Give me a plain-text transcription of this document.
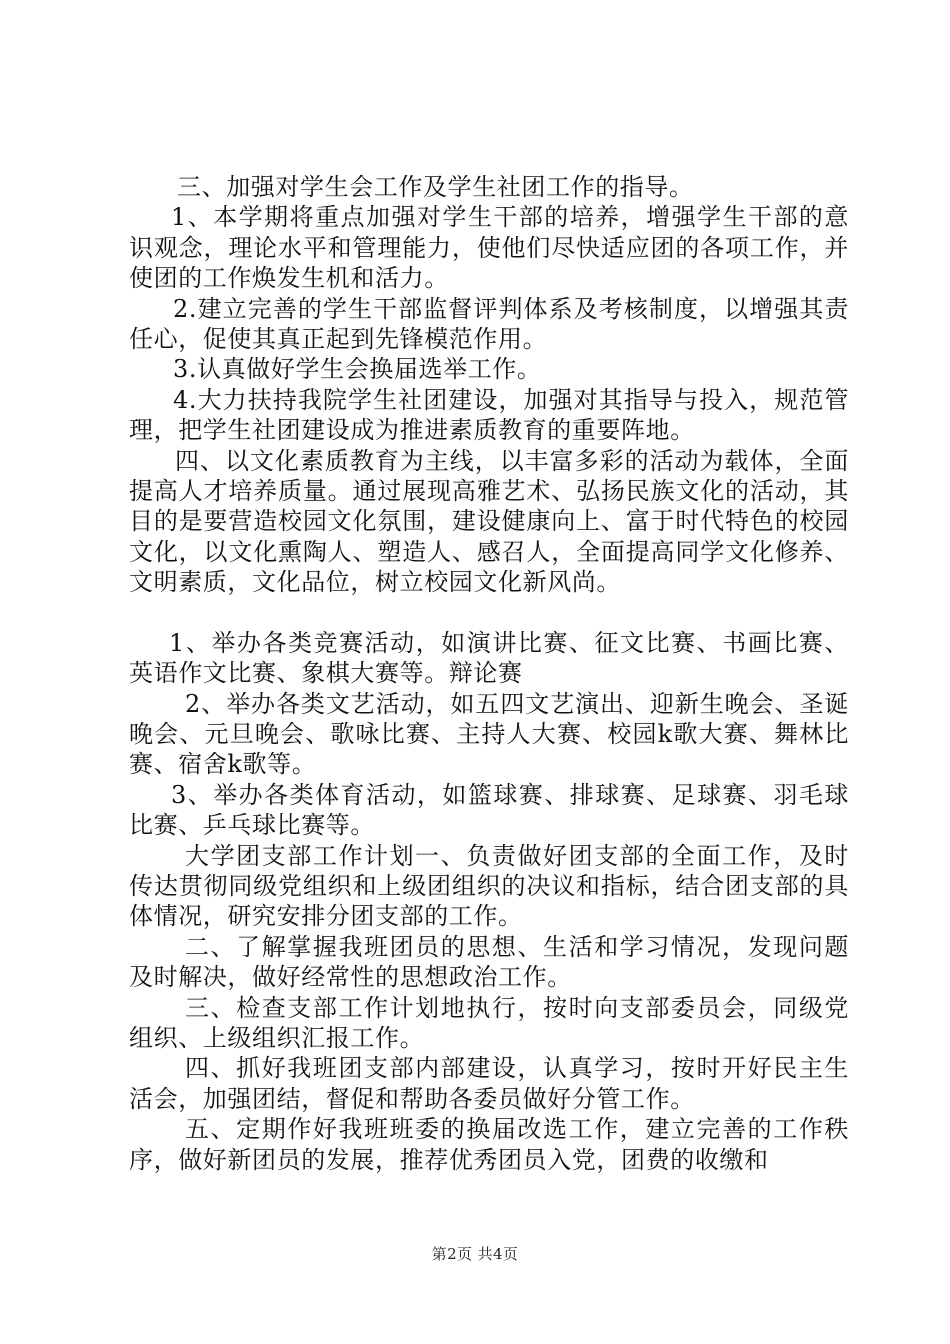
三、加强对学生会工作及学生社团工作的指导。

1、本学期将重点加强对学生干部的培养，增强学生干部的意识观念，理论水平和管理能力，使他们尽快适应团的各项工作，并使团的工作焕发生机和活力。

2.建立完善的学生干部监督评判体系及考核制度，以增强其责任心，促使其真正起到先锋模范作用。

3.认真做好学生会换届选举工作。

4.大力扶持我院学生社团建设，加强对其指导与投入，规范管理，把学生社团建设成为推进素质教育的重要阵地。

四、以文化素质教育为主线，以丰富多彩的活动为载体，全面提高人才培养质量。通过展现高雅艺术、弘扬民族文化的活动，其目的是要营造校园文化氛围，建设健康向上、富于时代特色的校园文化，以文化熏陶人、塑造人、感召人，全面提高同学文化修养、文明素质，文化品位，树立校园文化新风尚。

1、举办各类竞赛活动，如演讲比赛、征文比赛、书画比赛、英语作文比赛、象棋大赛等。辩论赛

2、举办各类文艺活动，如五四文艺演出、迎新生晚会、圣诞晚会、元旦晚会、歌咏比赛、主持人大赛、校园k歌大赛、舞林比赛、宿舍k歌等。

3、举办各类体育活动，如篮球赛、排球赛、足球赛、羽毛球比赛、乒乓球比赛等。

大学团支部工作计划一、负责做好团支部的全面工作，及时传达贯彻同级党组织和上级团组织的决议和指标，结合团支部的具体情况，研究安排分团支部的工作。

二、了解掌握我班团员的思想、生活和学习情况，发现问题及时解决，做好经常性的思想政治工作。

三、检查支部工作计划地执行，按时向支部委员会，同级党组织、上级组织汇报工作。

四、抓好我班团支部内部建设，认真学习，按时开好民主生活会，加强团结，督促和帮助各委员做好分管工作。

五、定期作好我班班委的换届改选工作，建立完善的工作秩序，做好新团员的发展，推荐优秀团员入党，团费的收缴和

第2页 共4页
